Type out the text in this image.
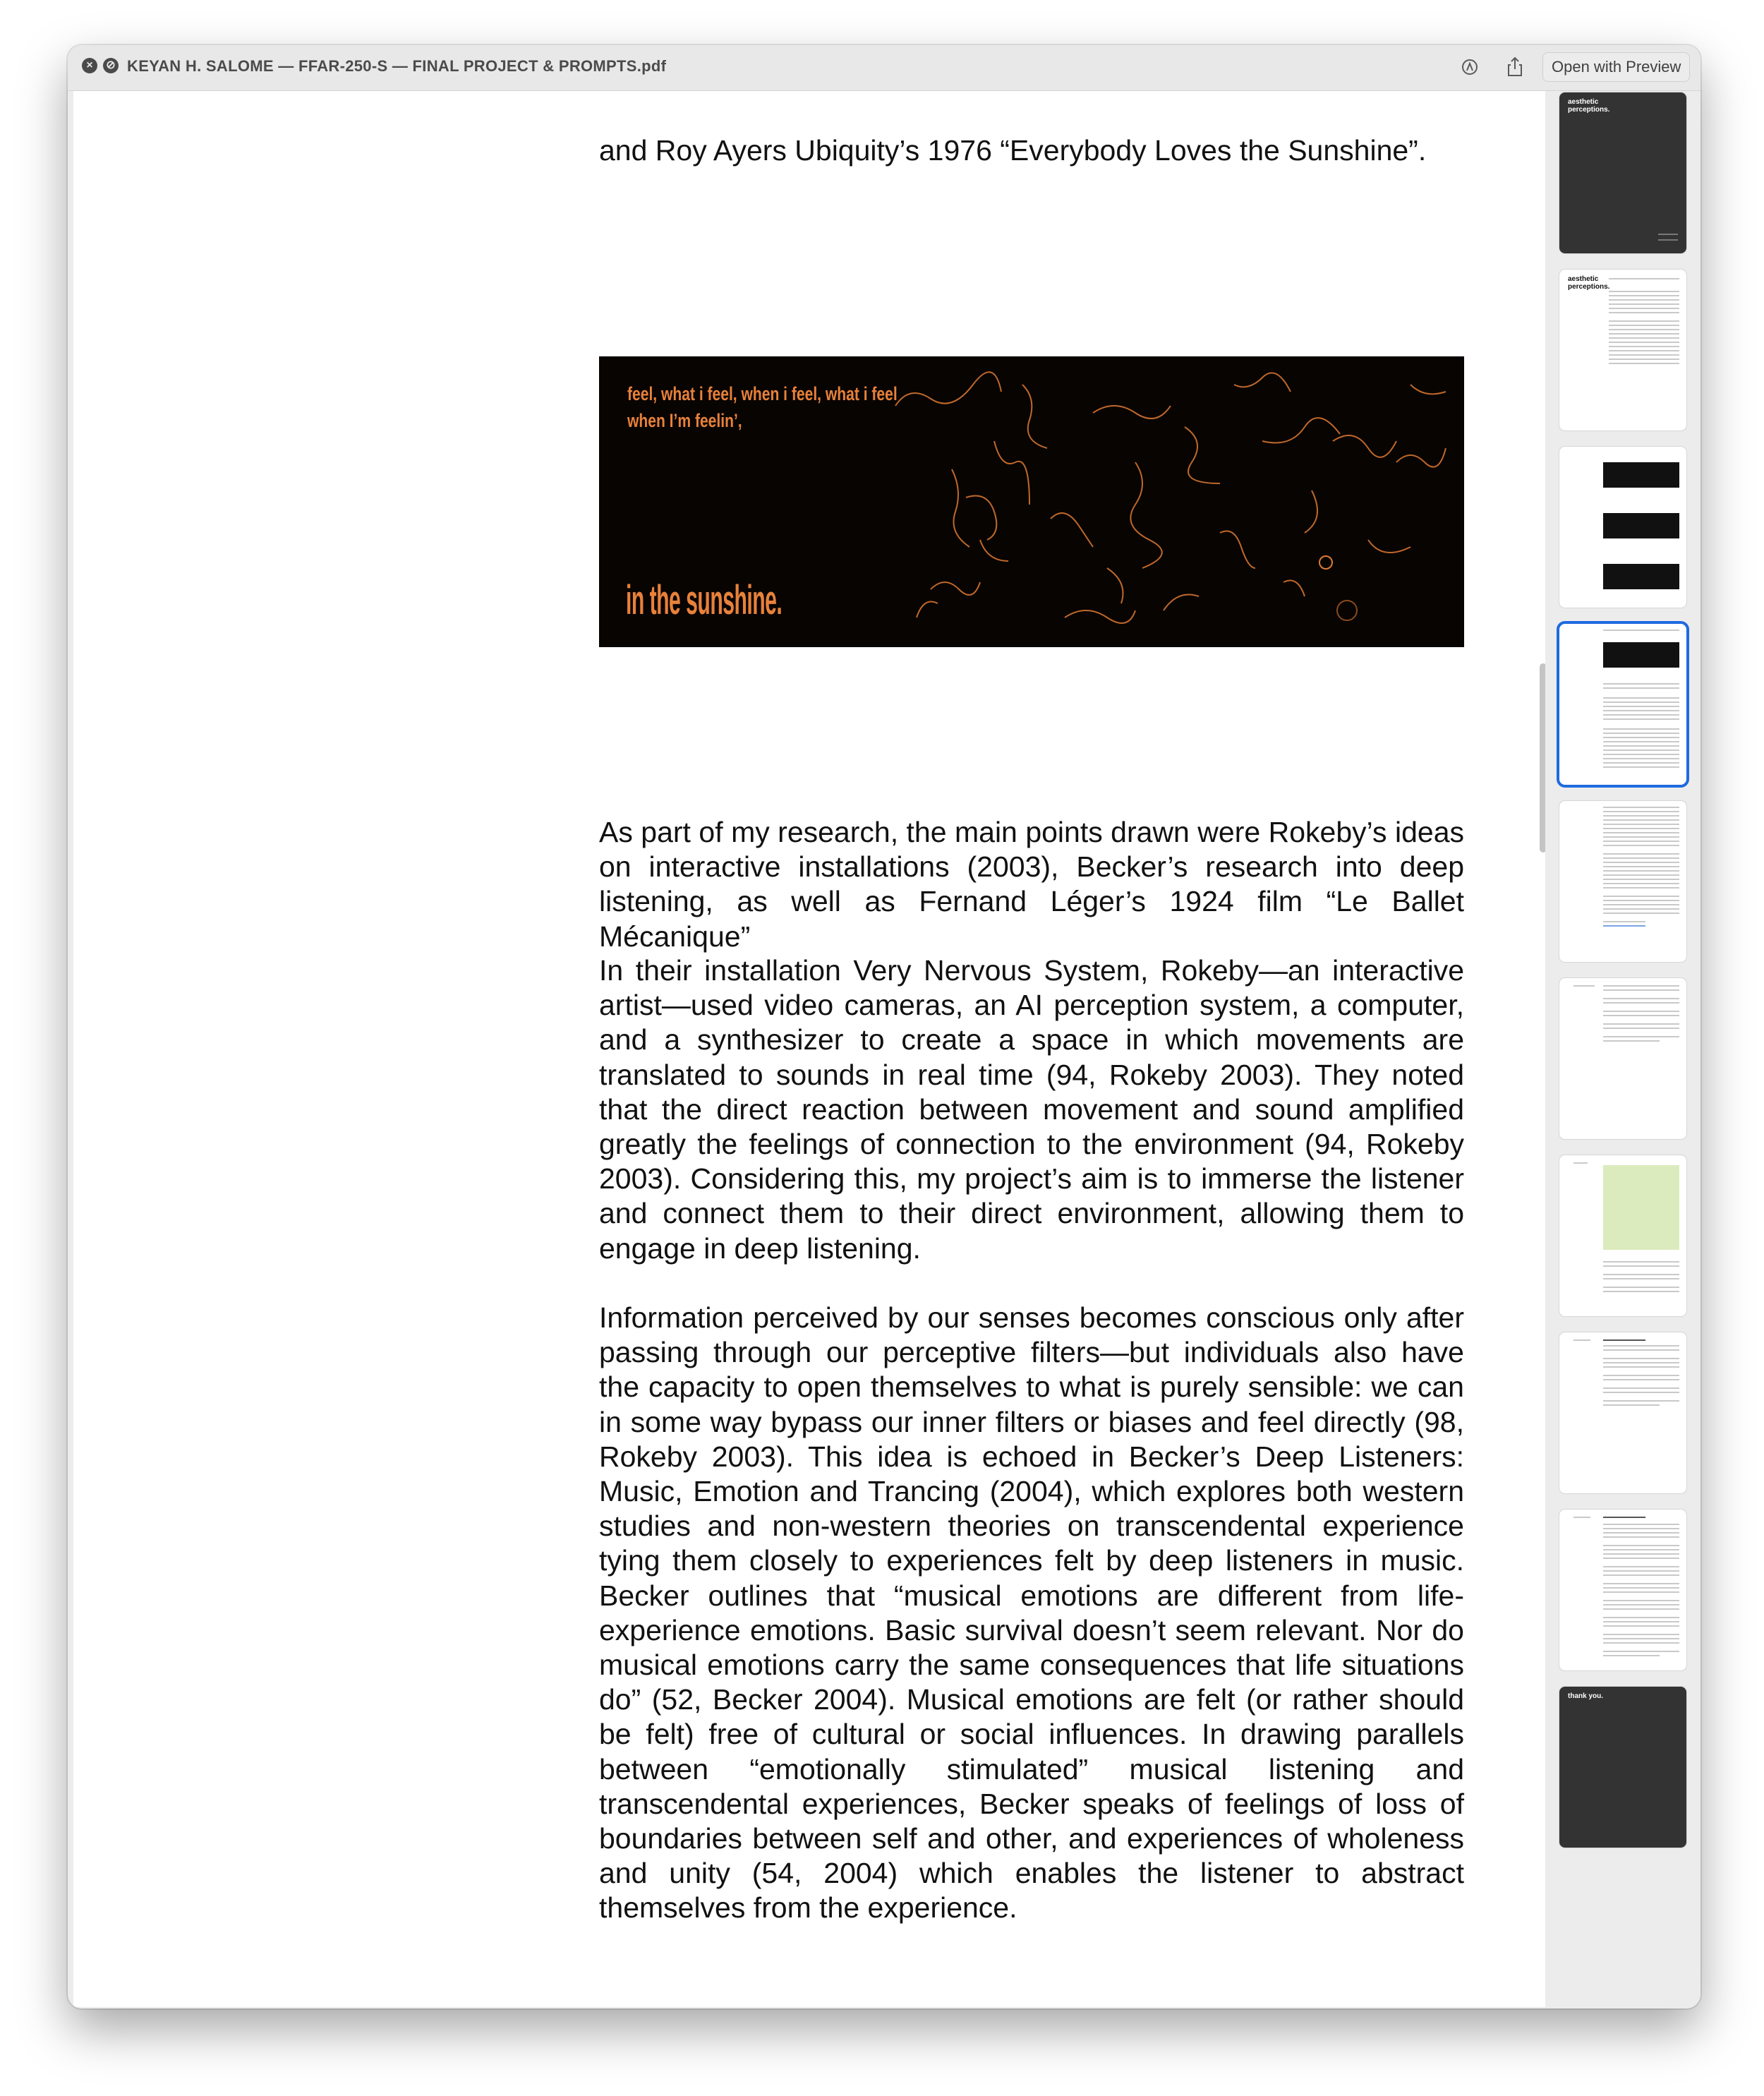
×	⊘ KEYAN H. SALOME — FFAR-250-S — FINAL PROJECT & PROMPTS.pdf	Open with Preview
and Roy Ayers Ubiquity’s 1976 “Everybody Loves the Sunshine”.
feel, what i feel, when i feel, what i feel
when I’m feelin’,
in the sunshine.
As part of my research, the main points drawn were Rokeby’s ideas on interactive installations (2003), Becker’s research into deep listening, as well as Fernand Léger’s 1924 film “Le Ballet Mécanique”
In their installation Very Nervous System, Rokeby—an interactive artist—used video cameras, an AI perception system, a computer, and a synthesizer to create a space in which movements are translated to sounds in real time (94, Rokeby 2003). They noted that the direct reaction between movement and sound amplified greatly the feelings of connection to the environment (94, Rokeby 2003). Considering this, my project’s aim is to immerse the listener and connect them to their direct environment, allowing them to engage in deep listening.
Information perceived by our senses becomes conscious only after passing through our perceptive filters—but individuals also have the capacity to open themselves to what is purely sensible: we can in some way bypass our inner filters or biases and feel directly (98, Rokeby 2003). This idea is echoed in Becker’s Deep Listeners: Music, Emotion and Trancing (2004), which explores both western studies and non-western theories on transcendental experience tying them closely to experiences felt by deep listeners in music. Becker outlines that “musical emotions are different from life-experience emotions. Basic survival doesn’t seem relevant. Nor do musical emotions carry the same consequences that life situations do” (52, Becker 2004). Musical emotions are felt (or rather should be felt) free of cultural or social influences. In drawing parallels between “emotionally stimulated” musical listening and transcendental experiences, Becker speaks of feelings of loss of boundaries between self and other, and experiences of wholeness and unity (54, 2004) which enables the listener to abstract themselves from the experience.
aesthetic perceptions.
aesthetic perceptions.
thank you.
